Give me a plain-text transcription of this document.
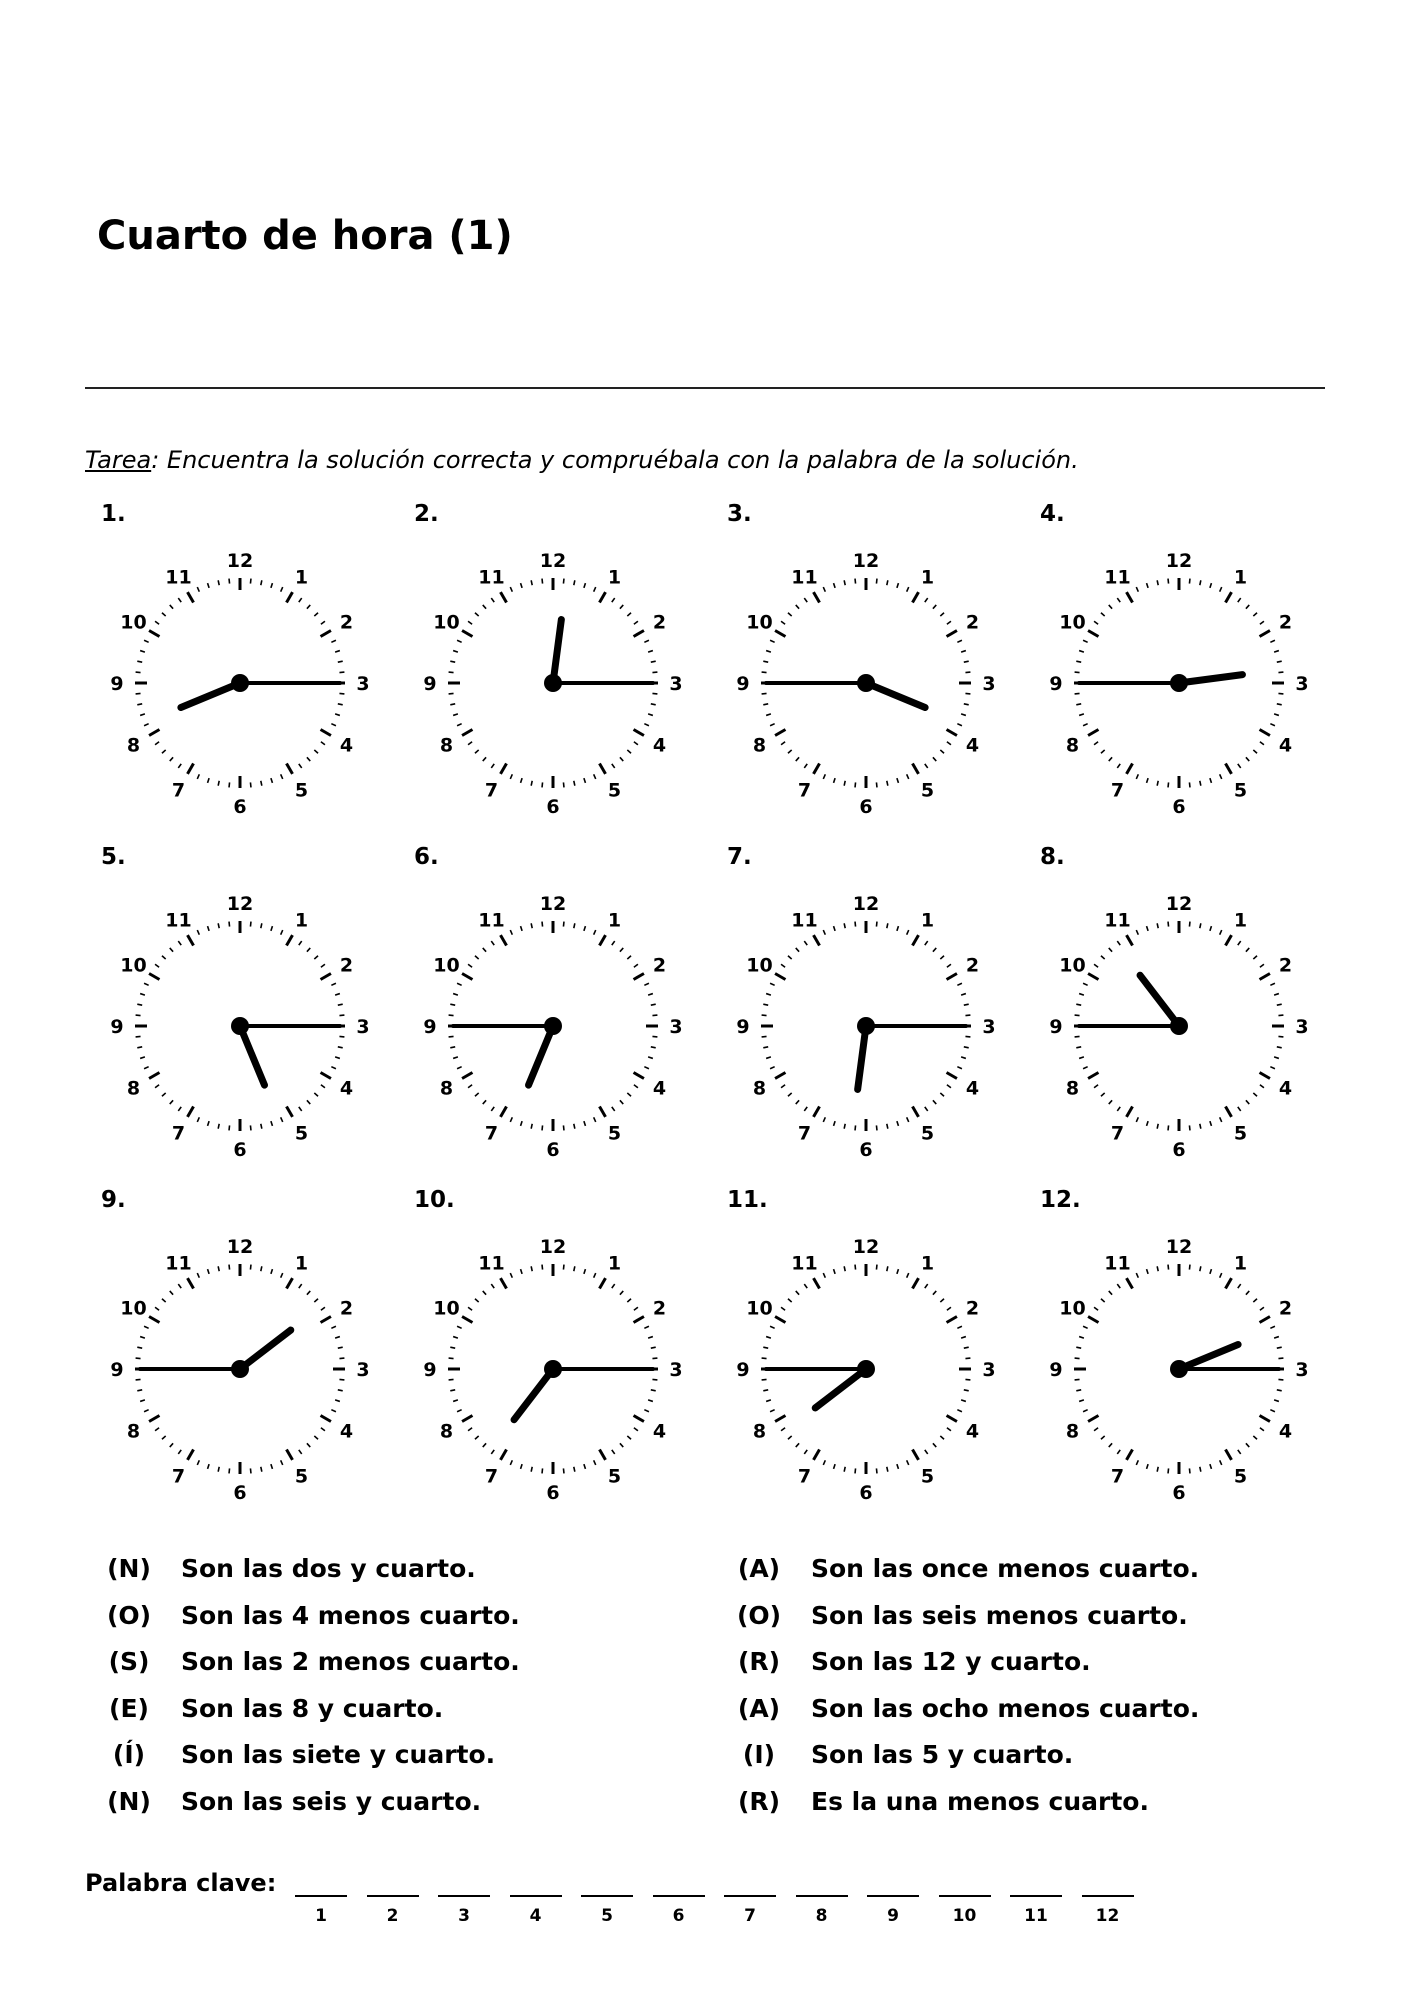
Cuarto de hora (1)
Tarea: Encuentra la solución correcta y compruébala con la palabra de la solución.
1.
12
1
2
3
4
5
6
7
8
9
10
11
2.
12
1
2
3
4
5
6
7
8
9
10
11
3.
12
1
2
3
4
5
6
7
8
9
10
11
4.
12
1
2
3
4
5
6
7
8
9
10
11
5.
12
1
2
3
4
5
6
7
8
9
10
11
6.
12
1
2
3
4
5
6
7
8
9
10
11
7.
12
1
2
3
4
5
6
7
8
9
10
11
8.
12
1
2
3
4
5
6
7
8
9
10
11
9.
12
1
2
3
4
5
6
7
8
9
10
11
10.
12
1
2
3
4
5
6
7
8
9
10
11
11.
12
1
2
3
4
5
6
7
8
9
10
11
12.
12
1
2
3
4
5
6
7
8
9
10
11
(N) Son las dos y cuarto.
(O) Son las 4 menos cuarto.
(S) Son las 2 menos cuarto.
(E) Son las 8 y cuarto.
(Í) Son las siete y cuarto.
(N) Son las seis y cuarto.
(A) Son las once menos cuarto.
(O) Son las seis menos cuarto.
(R) Son las 12 y cuarto.
(A) Son las ocho menos cuarto.
(I) Son las 5 y cuarto.
(R) Es la una menos cuarto.
Palabra clave:
1	2	3	4	5	6	7	8	9	10	11	12
